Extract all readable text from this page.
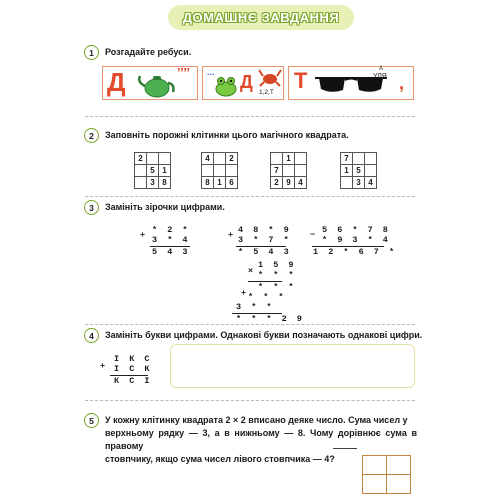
ДОМАШНЄ ЗАВДАННЯ
1	Розгадайте ребуси.
Д	’’’’ ... Д
1,2,Т Т	А
УЛЯ ,
2	Заповніть порожні клітинки цього магічного квадрата.
2		
	5	1
	3	8
4		2

8	1	6
	1	
7		
2	9	4
7		
1	5	
	3	4
3	Замініть зірочки цифрами.
+ * 2 *
3 * 4
5 4 3
+ 4 8 * 9
3 * 7 *
* 5 4 3
− 5 6 * 7 8
* 9 3 * 4
1 2 * 6 7 *
×
1 5 9
* * *
* * *
+ * * *
3 * *
* * * 2 9
4	Замініть букви цифрами. Однакові букви позначають однакові цифри.
+
І К С
І С К
К С І
5	У кожну клітинку квадрата 2 × 2 вписано деяке число. Сума чисел у
верхньому рядку — 3, а в нижньому — 8. Чому дорівнює сума в правому
стовпчику, якщо сума чисел лівого стовпчика — 4?
